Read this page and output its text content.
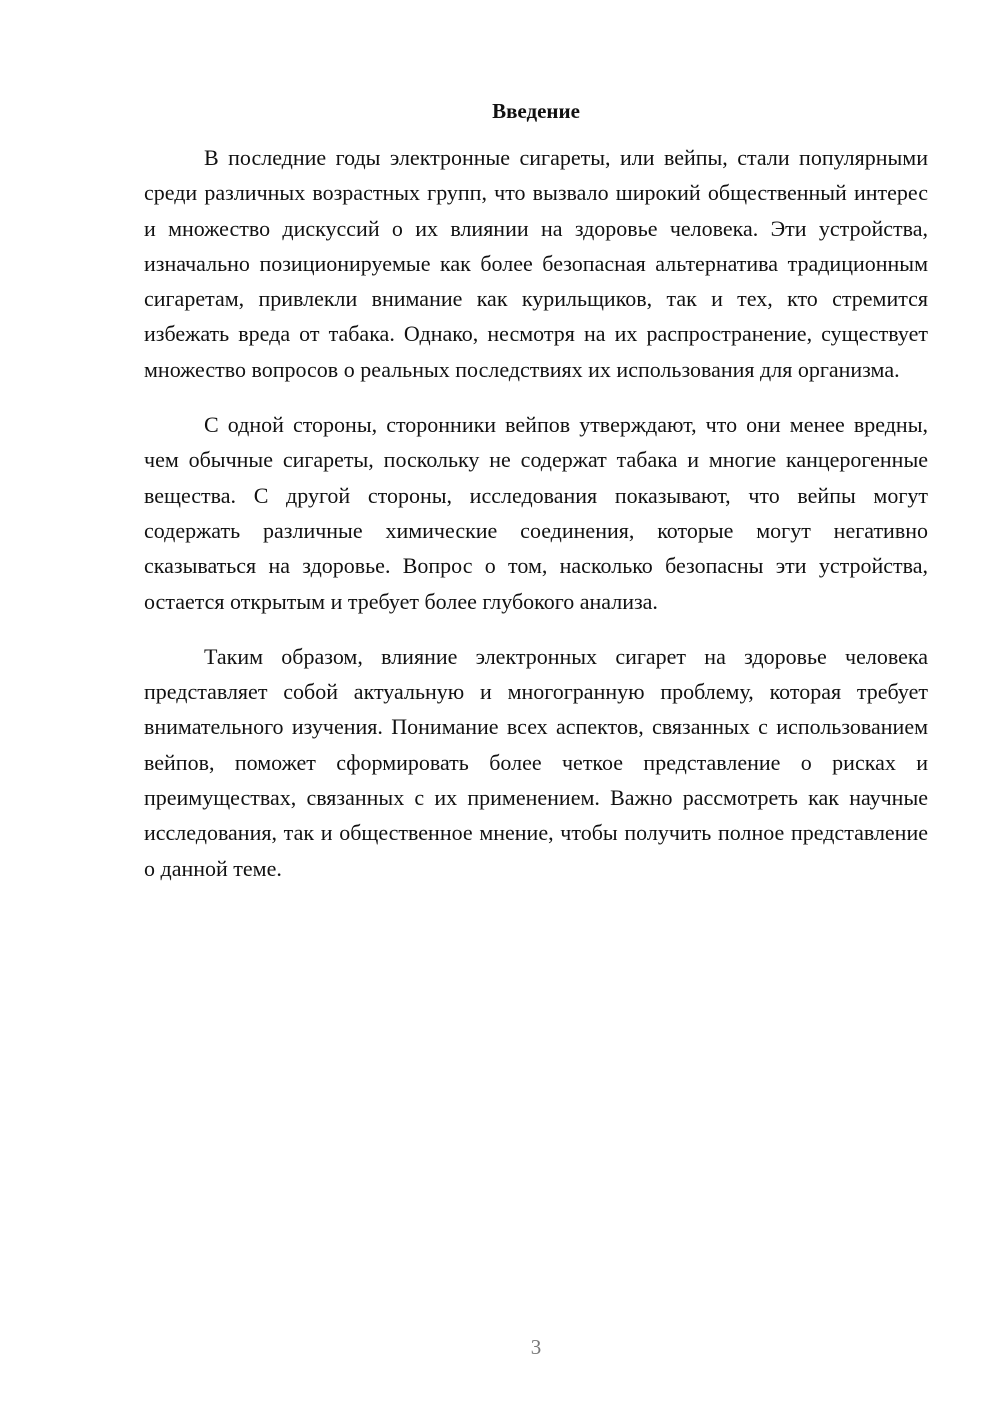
Введение

В последние годы электронные сигареты, или вейпы, стали популярными среди различных возрастных групп, что вызвало широкий общественный интерес и множество дискуссий о их влиянии на здоровье человека. Эти устройства, изначально позиционируемые как более безопасная альтернатива традиционным сигаретам, привлекли внимание как курильщиков, так и тех, кто стремится избежать вреда от табака. Однако, несмотря на их распространение, существует множество вопросов о реальных последствиях их использования для организма.

С одной стороны, сторонники вейпов утверждают, что они менее вредны, чем обычные сигареты, поскольку не содержат табака и многие канцерогенные вещества. С другой стороны, исследования показывают, что вейпы могут содержать различные химические соединения, которые могут негативно сказываться на здоровье. Вопрос о том, насколько безопасны эти устройства, остается открытым и требует более глубокого анализа.

Таким образом, влияние электронных сигарет на здоровье человека представляет собой актуальную и многогранную проблему, которая требует внимательного изучения. Понимание всех аспектов, связанных с использованием вейпов, поможет сформировать более четкое представление о рисках и преимуществах, связанных с их применением. Важно рассмотреть как научные исследования, так и общественное мнение, чтобы получить полное представление о данной теме.

3
